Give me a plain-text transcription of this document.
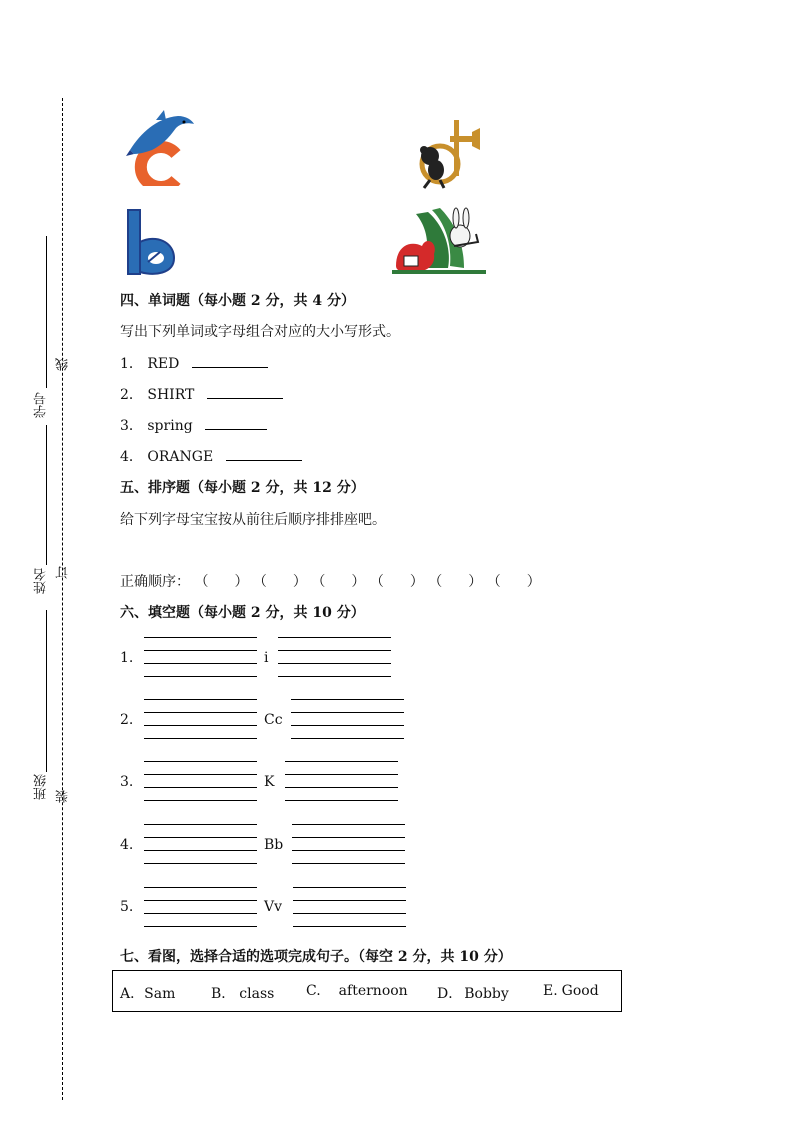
学号
姓名
班级
线
订
装
四、单词题（每小题 2 分，共 4 分）
写出下列单词或字母组合对应的大小写形式。
1． RED
2． SHIRT
3． spring
4． ORANGE
五、排序题（每小题 2 分，共 12 分）
给下列字母宝宝按从前往后顺序排排座吧。
正确顺序： （ ） （ ） （ ） （ ） （ ） （ ）
六、填空题（每小题 2 分，共 10 分）
1.	i
2.	Cc
3.	K
4.	Bb
5.	Vv
七、看图，选择合适的选项完成句子。（每空 2 分，共 10 分）
A．Sam	B． class C. afternoon D． Bobby E. Good
